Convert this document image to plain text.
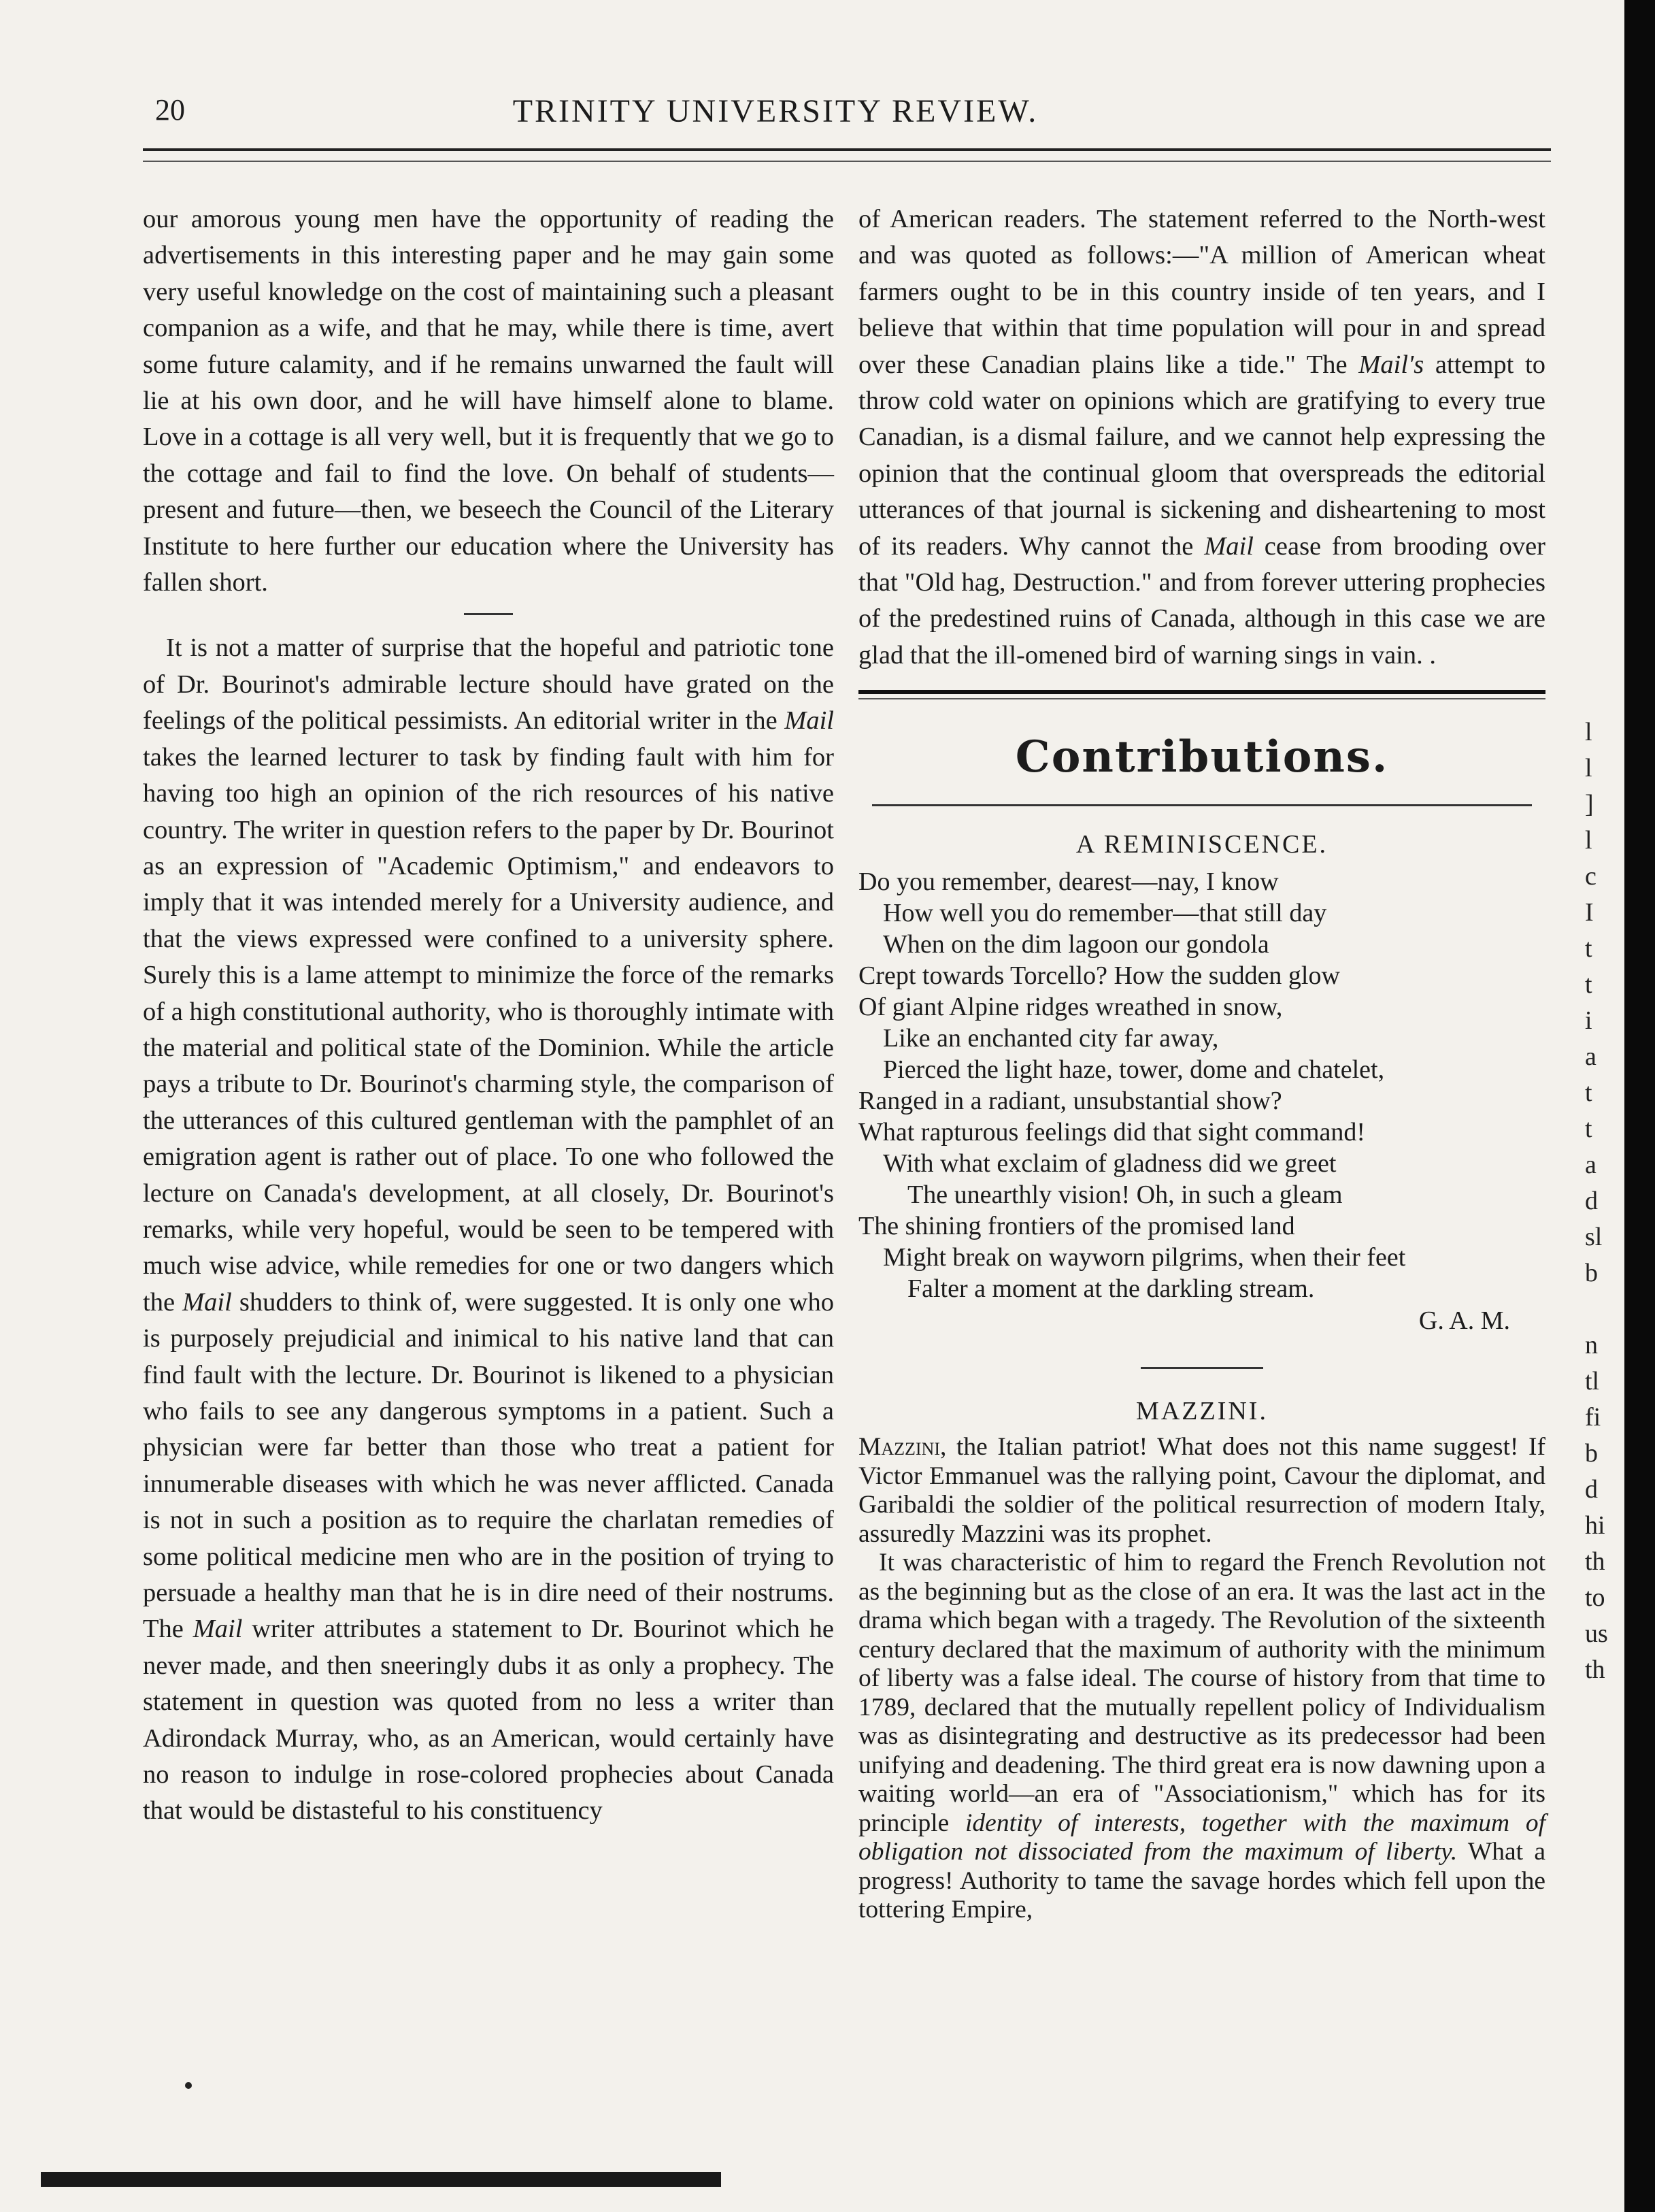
20	TRINITY UNIVERSITY REVIEW.

our amorous young men have the opportunity of reading the advertisements in this interesting paper and he may gain some very useful knowledge on the cost of maintaining such a pleasant companion as a wife, and that he may, while there is time, avert some future calamity, and if he remains unwarned the fault will lie at his own door, and he will have himself alone to blame. Love in a cottage is all very well, but it is frequently that we go to the cottage and fail to find the love. On behalf of students—present and future—then, we beseech the Council of the Literary Institute to here further our education where the University has fallen short.

It is not a matter of surprise that the hopeful and patriotic tone of Dr. Bourinot's admirable lecture should have grated on the feelings of the political pessimists. An editorial writer in the Mail takes the learned lecturer to task by finding fault with him for having too high an opinion of the rich resources of his native country. The writer in question refers to the paper by Dr. Bourinot as an expression of "Academic Optimism," and endeavors to imply that it was intended merely for a University audience, and that the views expressed were confined to a university sphere. Surely this is a lame attempt to minimize the force of the remarks of a high constitutional authority, who is thoroughly intimate with the material and political state of the Dominion. While the article pays a tribute to Dr. Bourinot's charming style, the comparison of the utterances of this cultured gentleman with the pamphlet of an emigration agent is rather out of place. To one who followed the lecture on Canada's development, at all closely, Dr. Bourinot's remarks, while very hopeful, would be seen to be tempered with much wise advice, while remedies for one or two dangers which the Mail shudders to think of, were suggested. It is only one who is purposely prejudicial and inimical to his native land that can find fault with the lecture. Dr. Bourinot is likened to a physician who fails to see any dangerous symptoms in a patient. Such a physician were far better than those who treat a patient for innumerable diseases with which he was never afflicted. Canada is not in such a position as to require the charlatan remedies of some political medicine men who are in the position of trying to persuade a healthy man that he is in dire need of their nostrums. The Mail writer attributes a statement to Dr. Bourinot which he never made, and then sneeringly dubs it as only a prophecy. The statement in question was quoted from no less a writer than Adirondack Murray, who, as an American, would certainly have no reason to indulge in rose-colored prophecies about Canada that would be distasteful to his constituency

of American readers. The statement referred to the North-west and was quoted as follows:—"A million of American wheat farmers ought to be in this country inside of ten years, and I believe that within that time population will pour in and spread over these Canadian plains like a tide." The Mail's attempt to throw cold water on opinions which are gratifying to every true Canadian, is a dismal failure, and we cannot help expressing the opinion that the continual gloom that overspreads the editorial utterances of that journal is sickening and disheartening to most of its readers. Why cannot the Mail cease from brooding over that "Old hag, Destruction." and from forever uttering prophecies of the predestined ruins of Canada, although in this case we are glad that the ill-omened bird of warning sings in vain. .

Contributions.
A REMINISCENCE.
Do you remember, dearest—nay, I know
How well you do remember—that still day
When on the dim lagoon our gondola
Crept towards Torcello? How the sudden glow
Of giant Alpine ridges wreathed in snow,
Like an enchanted city far away,
Pierced the light haze, tower, dome and chatelet,
Ranged in a radiant, unsubstantial show?
What rapturous feelings did that sight command!
With what exclaim of gladness did we greet
The unearthly vision! Oh, in such a gleam
The shining frontiers of the promised land
Might break on wayworn pilgrims, when their feet
Falter a moment at the darkling stream.
G. A. M.
MAZZINI.

Mazzini, the Italian patriot! What does not this name suggest! If Victor Emmanuel was the rallying point, Cavour the diplomat, and Garibaldi the soldier of the political resurrection of modern Italy, assuredly Mazzini was its prophet.

It was characteristic of him to regard the French Revolution not as the beginning but as the close of an era. It was the last act in the drama which began with a tragedy. The Revolution of the sixteenth century declared that the maximum of authority with the minimum of liberty was a false ideal. The course of history from that time to 1789, declared that the mutually repellent policy of Individualism was as disintegrating and destructive as its predecessor had been unifying and deadening. The third great era is now dawning upon a waiting world—an era of "Associationism," which has for its principle identity of interests, together with the maximum of obligation not dissociated from the maximum of liberty. What a progress! Authority to tame the savage hordes which fell upon the tottering Empire,

l
l
]
l
c
I
t
t
i
a
t
t
a
d
sl
b

n
tl
fi
b
d
hi
th
to
us
th
